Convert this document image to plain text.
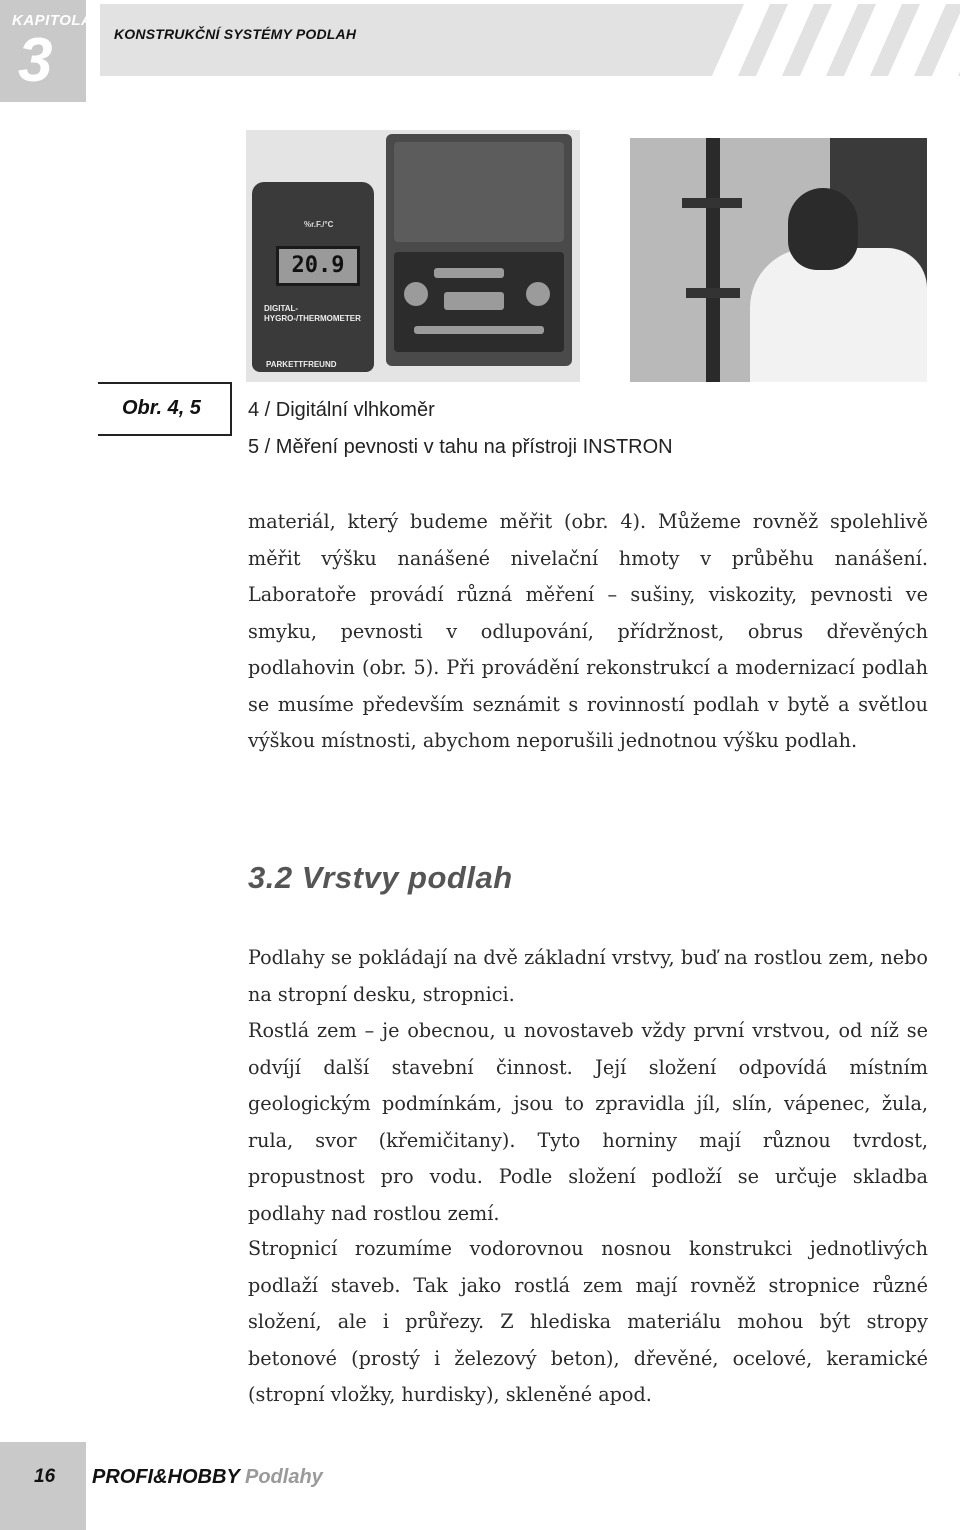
KAPITOLA
3	KONSTRUKČNÍ SYSTÉMY PODLAH
%r.F./°C
20.9
DIGITAL-
HYGRO-/THERMOMETER
PARKETTFREUND
Obr. 4, 5 4 / Digitální vlhkoměr
5 / Měření pevnosti v tahu na přístroji INSTRON

materiál, který budeme měřit (obr. 4). Můžeme rovněž spolehlivě měřit výšku nanášené nivelační hmoty v průběhu nanášení. Laboratoře provádí různá měření – sušiny, viskozity, pevnosti ve smyku, pevnosti v odlupování, přídržnost, obrus dřevěných podlahovin (obr. 5). Při provádění rekonstrukcí a modernizací podlah se musíme především seznámit s rovinností podlah v bytě a světlou výškou místnosti, abychom neporušili jednotnou výšku podlah.

3.2 Vrstvy podlah

Podlahy se pokládají na dvě základní vrstvy, buď na rostlou zem, nebo na stropní desku, stropnici.

Rostlá zem – je obecnou, u novostaveb vždy první vrstvou, od níž se odvíjí další stavební činnost. Její složení odpovídá místním geologickým podmínkám, jsou to zpravidla jíl, slín, vápenec, žula, rula, svor (křemičitany). Tyto horniny mají různou tvrdost, propustnost pro vodu. Podle složení podloží se určuje skladba podlahy nad rostlou zemí.

Stropnicí rozumíme vodorovnou nosnou konstrukci jednotlivých podlaží staveb. Tak jako rostlá zem mají rovněž stropnice různé složení, ale i průřezy. Z hlediska materiálu mohou být stropy betonové (prostý i železový beton), dřevěné, ocelové, keramické (stropní vložky, hurdisky), skleněné apod.

16 PROFI&HOBBY Podlahy
